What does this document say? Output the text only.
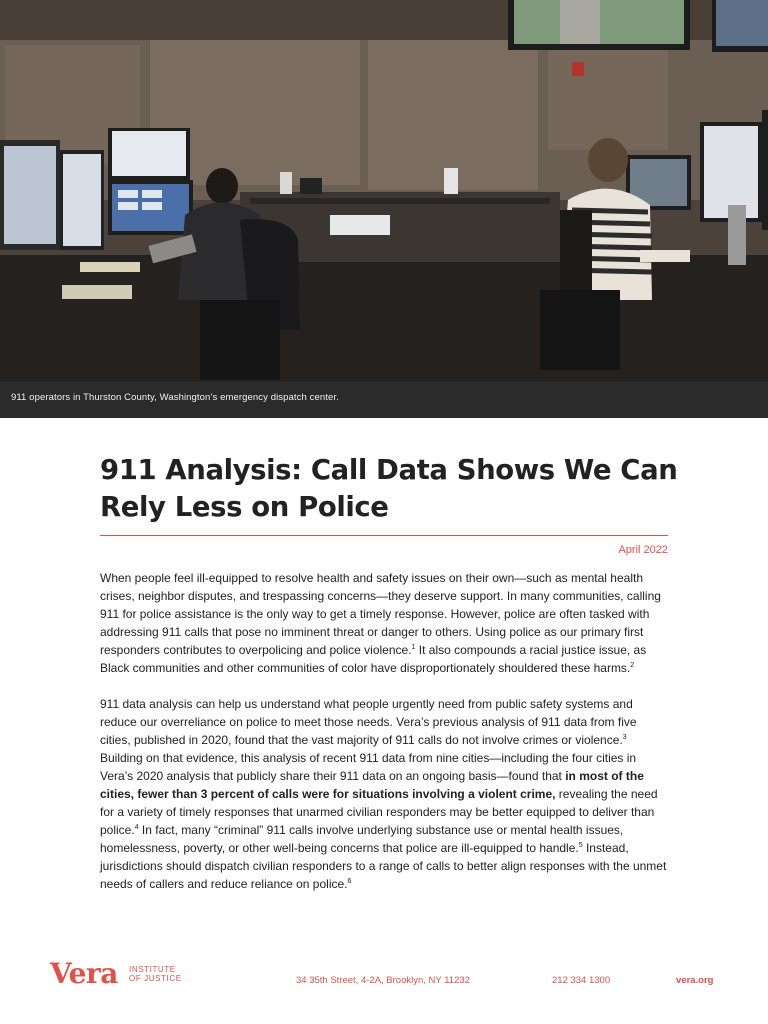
911 operators in Thurston County, Washington’s emergency dispatch center.
911 Analysis: Call Data Shows We Can Rely Less on Police
April 2022

When people feel ill-equipped to resolve health and safety issues on their own—such as mental health crises, neighbor disputes, and trespassing concerns—they deserve support. In many communities, calling 911 for police assistance is the only way to get a timely response. However, police are often tasked with addressing 911 calls that pose no imminent threat or danger to others. Using police as our primary first responders contributes to overpolicing and police violence.$^1$ It also compounds a racial justice issue, as Black communities and other communities of color have disproportionately shouldered these harms.$^2$

911 data analysis can help us understand what people urgently need from public safety systems and reduce our overreliance on police to meet those needs. Vera’s previous analysis of 911 data from five cities, published in 2020, found that the vast majority of 911 calls do not involve crimes or violence.$^3$ Building on that evidence, this analysis of recent 911 data from nine cities—including the four cities in Vera’s 2020 analysis that publicly share their 911 data on an ongoing basis—found that in most of the cities, fewer than 3 percent of calls were for situations involving a violent crime, revealing the need for a variety of timely responses that unarmed civilian responders may be better equipped to deliver than police.$^4$ In fact, many “criminal” 911 calls involve underlying substance use or mental health issues, homelessness, poverty, or other well-being concerns that police are ill-equipped to handle.$^5$ Instead, jurisdictions should dispatch civilian responders to a range of calls to better align responses with the unmet needs of callers and reduce reliance on police.$^6$

Vera INSTITUTE
OF JUSTICE	34 35th Street, 4-2A, Brooklyn, NY 11232	212 334 1300	vera.org
